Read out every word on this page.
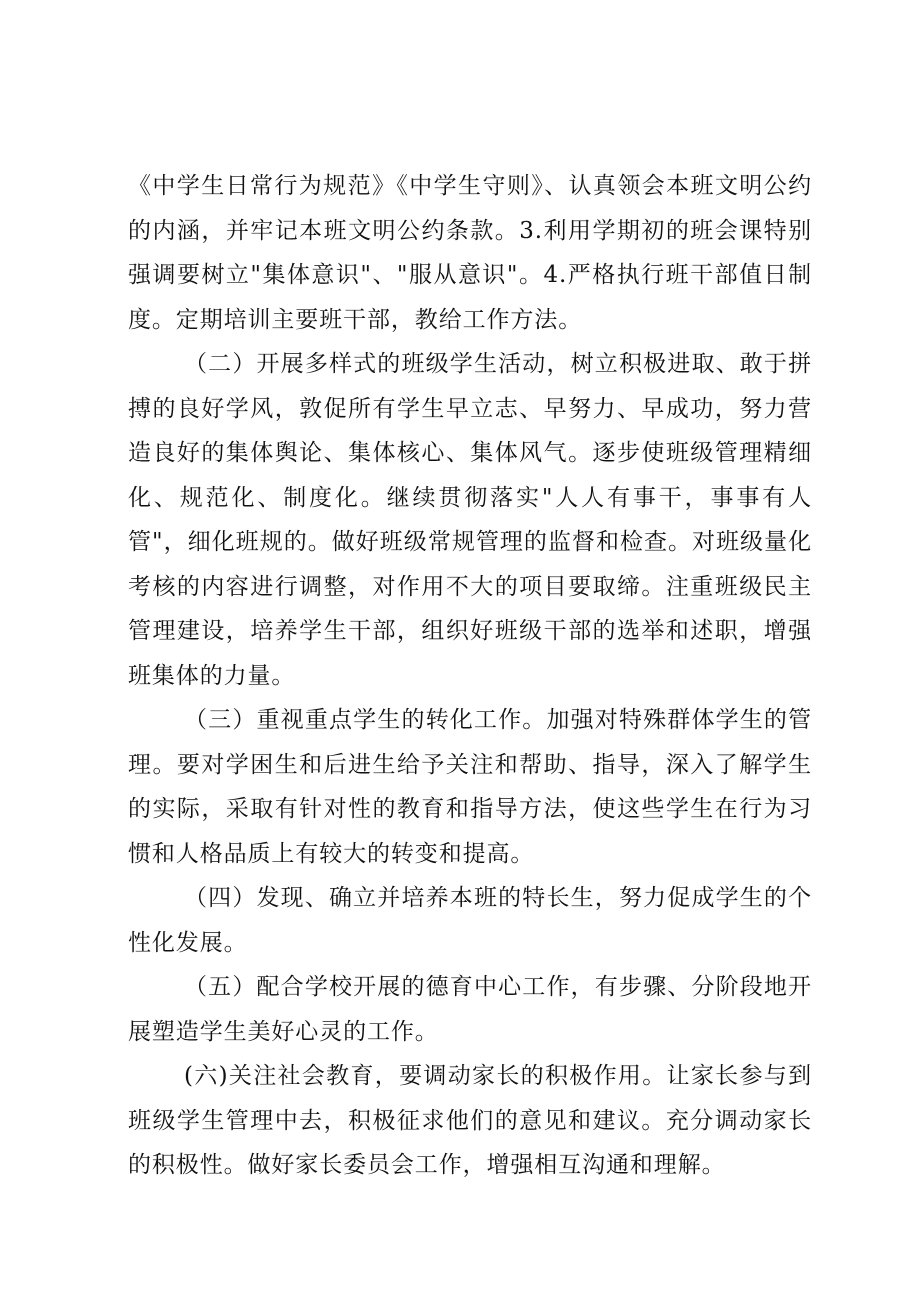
《中学生日常行为规范》《中学生守则》、认真领会本班文明公约的内涵，并牢记本班文明公约条款。3.利用学期初的班会课特别强调要树立"集体意识"、"服从意识"。4.严格执行班干部值日制度。定期培训主要班干部，教给工作方法。

（二）开展多样式的班级学生活动，树立积极进取、敢于拼搏的良好学风，敦促所有学生早立志、早努力、早成功，努力营造良好的集体舆论、集体核心、集体风气。逐步使班级管理精细化、规范化、制度化。继续贯彻落实"人人有事干，事事有人管"，细化班规的。做好班级常规管理的监督和检查。对班级量化考核的内容进行调整，对作用不大的项目要取缔。注重班级民主管理建设，培养学生干部，组织好班级干部的选举和述职，增强班集体的力量。

（三）重视重点学生的转化工作。加强对特殊群体学生的管理。要对学困生和后进生给予关注和帮助、指导，深入了解学生的实际，采取有针对性的教育和指导方法，使这些学生在行为习惯和人格品质上有较大的转变和提高。

（四）发现、确立并培养本班的特长生，努力促成学生的个性化发展。

（五）配合学校开展的德育中心工作，有步骤、分阶段地开展塑造学生美好心灵的工作。

(六)关注社会教育，要调动家长的积极作用。让家长参与到班级学生管理中去，积极征求他们的意见和建议。充分调动家长的积极性。做好家长委员会工作，增强相互沟通和理解。
